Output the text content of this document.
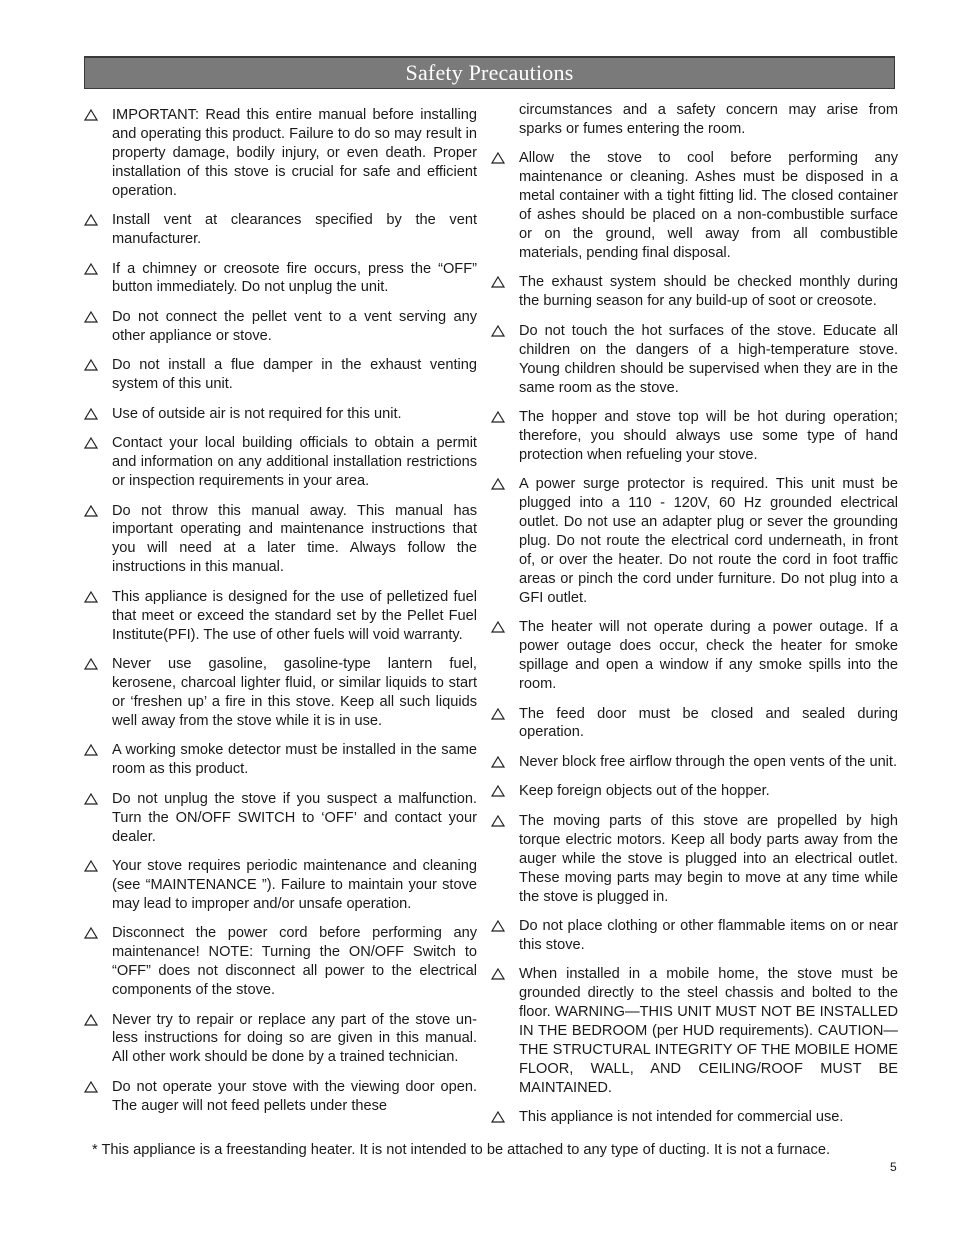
Safety Precautions
IMPORTANT: Read this entire manual before installing and operating this product. Failure to do so may result in property damage, bodily injury, or even death. Proper installation of this stove is crucial for safe and efficient operation.
Install vent at clearances specified by the vent manufacturer.
If a chimney or creosote fire occurs, press the “OFF” button immediately. Do not unplug the unit.
Do not connect the pellet vent to a vent serving any other appliance or stove.
Do not install a flue damper in the exhaust venting system of this unit.
Use of outside air is not required for this unit.
Contact your local building officials to obtain a permit and information on any additional installation restrictions or inspection requirements in your area.
Do not throw this manual away. This manual has important operating and maintenance instructions that you will need at a later time. Always follow the instructions in this manual.
This appliance is designed for the use of pelletized fuel that meet or exceed the standard set by the Pellet Fuel Institute(PFI). The use of other fuels will void warranty.
Never use gasoline, gasoline-type lantern fuel, kerosene, charcoal lighter fluid, or similar liquids to start or ‘freshen up’ a fire in this stove. Keep all such liquids well away from the stove while it is in use.
A working smoke detector must be installed in the same room as this product.
Do not unplug the stove if you suspect a malfunction. Turn the ON/OFF SWITCH to ‘OFF’ and contact your dealer.
Your stove requires periodic maintenance and cleaning (see “MAINTENANCE ”). Failure to maintain your stove may lead to improper and/or unsafe operation.
Disconnect the power cord before performing any maintenance! NOTE: Turning the ON/OFF Switch to “OFF” does not disconnect all power to the electrical components of the stove.
Never try to repair or replace any part of the stove un-less instructions for doing so are given in this manual. All other work should be done by a trained technician.
Do not operate your stove with the viewing door open. The auger will not feed pellets under these
circumstances and a safety concern may arise from sparks or fumes entering the room.
Allow the stove to cool before performing any maintenance or cleaning. Ashes must be disposed in a metal container with a tight fitting lid. The closed container of ashes should be placed on a non-combustible surface or on the ground, well away from all combustible materials, pending final disposal.
The exhaust system should be checked monthly during the burning season for any build-up of soot or creosote.
Do not touch the hot surfaces of the stove. Educate all children on the dangers of a high-temperature stove. Young children should be supervised when they are in the same room as the stove.
The hopper and stove top will be hot during operation; therefore, you should always use some type of hand protection when refueling your stove.
A power surge protector is required. This unit must be plugged into a 110 - 120V, 60 Hz grounded electrical outlet. Do not use an adapter plug or sever the grounding plug. Do not route the electrical cord underneath, in front of, or over the heater. Do not route the cord in foot traffic areas or pinch the cord under furniture. Do not plug into a GFI outlet.
The heater will not operate during a power outage. If a power outage does occur, check the heater for smoke spillage and open a window if any smoke spills into the room.
The feed door must be closed and sealed during operation.
Never block free airflow through the open vents of the unit.
Keep foreign objects out of the hopper.
The moving parts of this stove are propelled by high torque electric motors. Keep all body parts away from the auger while the stove is plugged into an electrical outlet. These moving parts may begin to move at any time while the stove is plugged in.
Do not place clothing or other flammable items on or near this stove.
When installed in a mobile home, the stove must be grounded directly to the steel chassis and bolted to the floor. WARNING—THIS UNIT MUST NOT BE INSTALLED IN THE BEDROOM (per HUD requirements). CAUTION—THE STRUCTURAL INTEGRITY OF THE MOBILE HOME FLOOR, WALL, AND CEILING/ROOF MUST BE MAINTAINED.
This appliance is not intended for commercial use.
* This appliance is a freestanding heater. It is not intended to be attached to any type of ducting. It is not a furnace.
5
